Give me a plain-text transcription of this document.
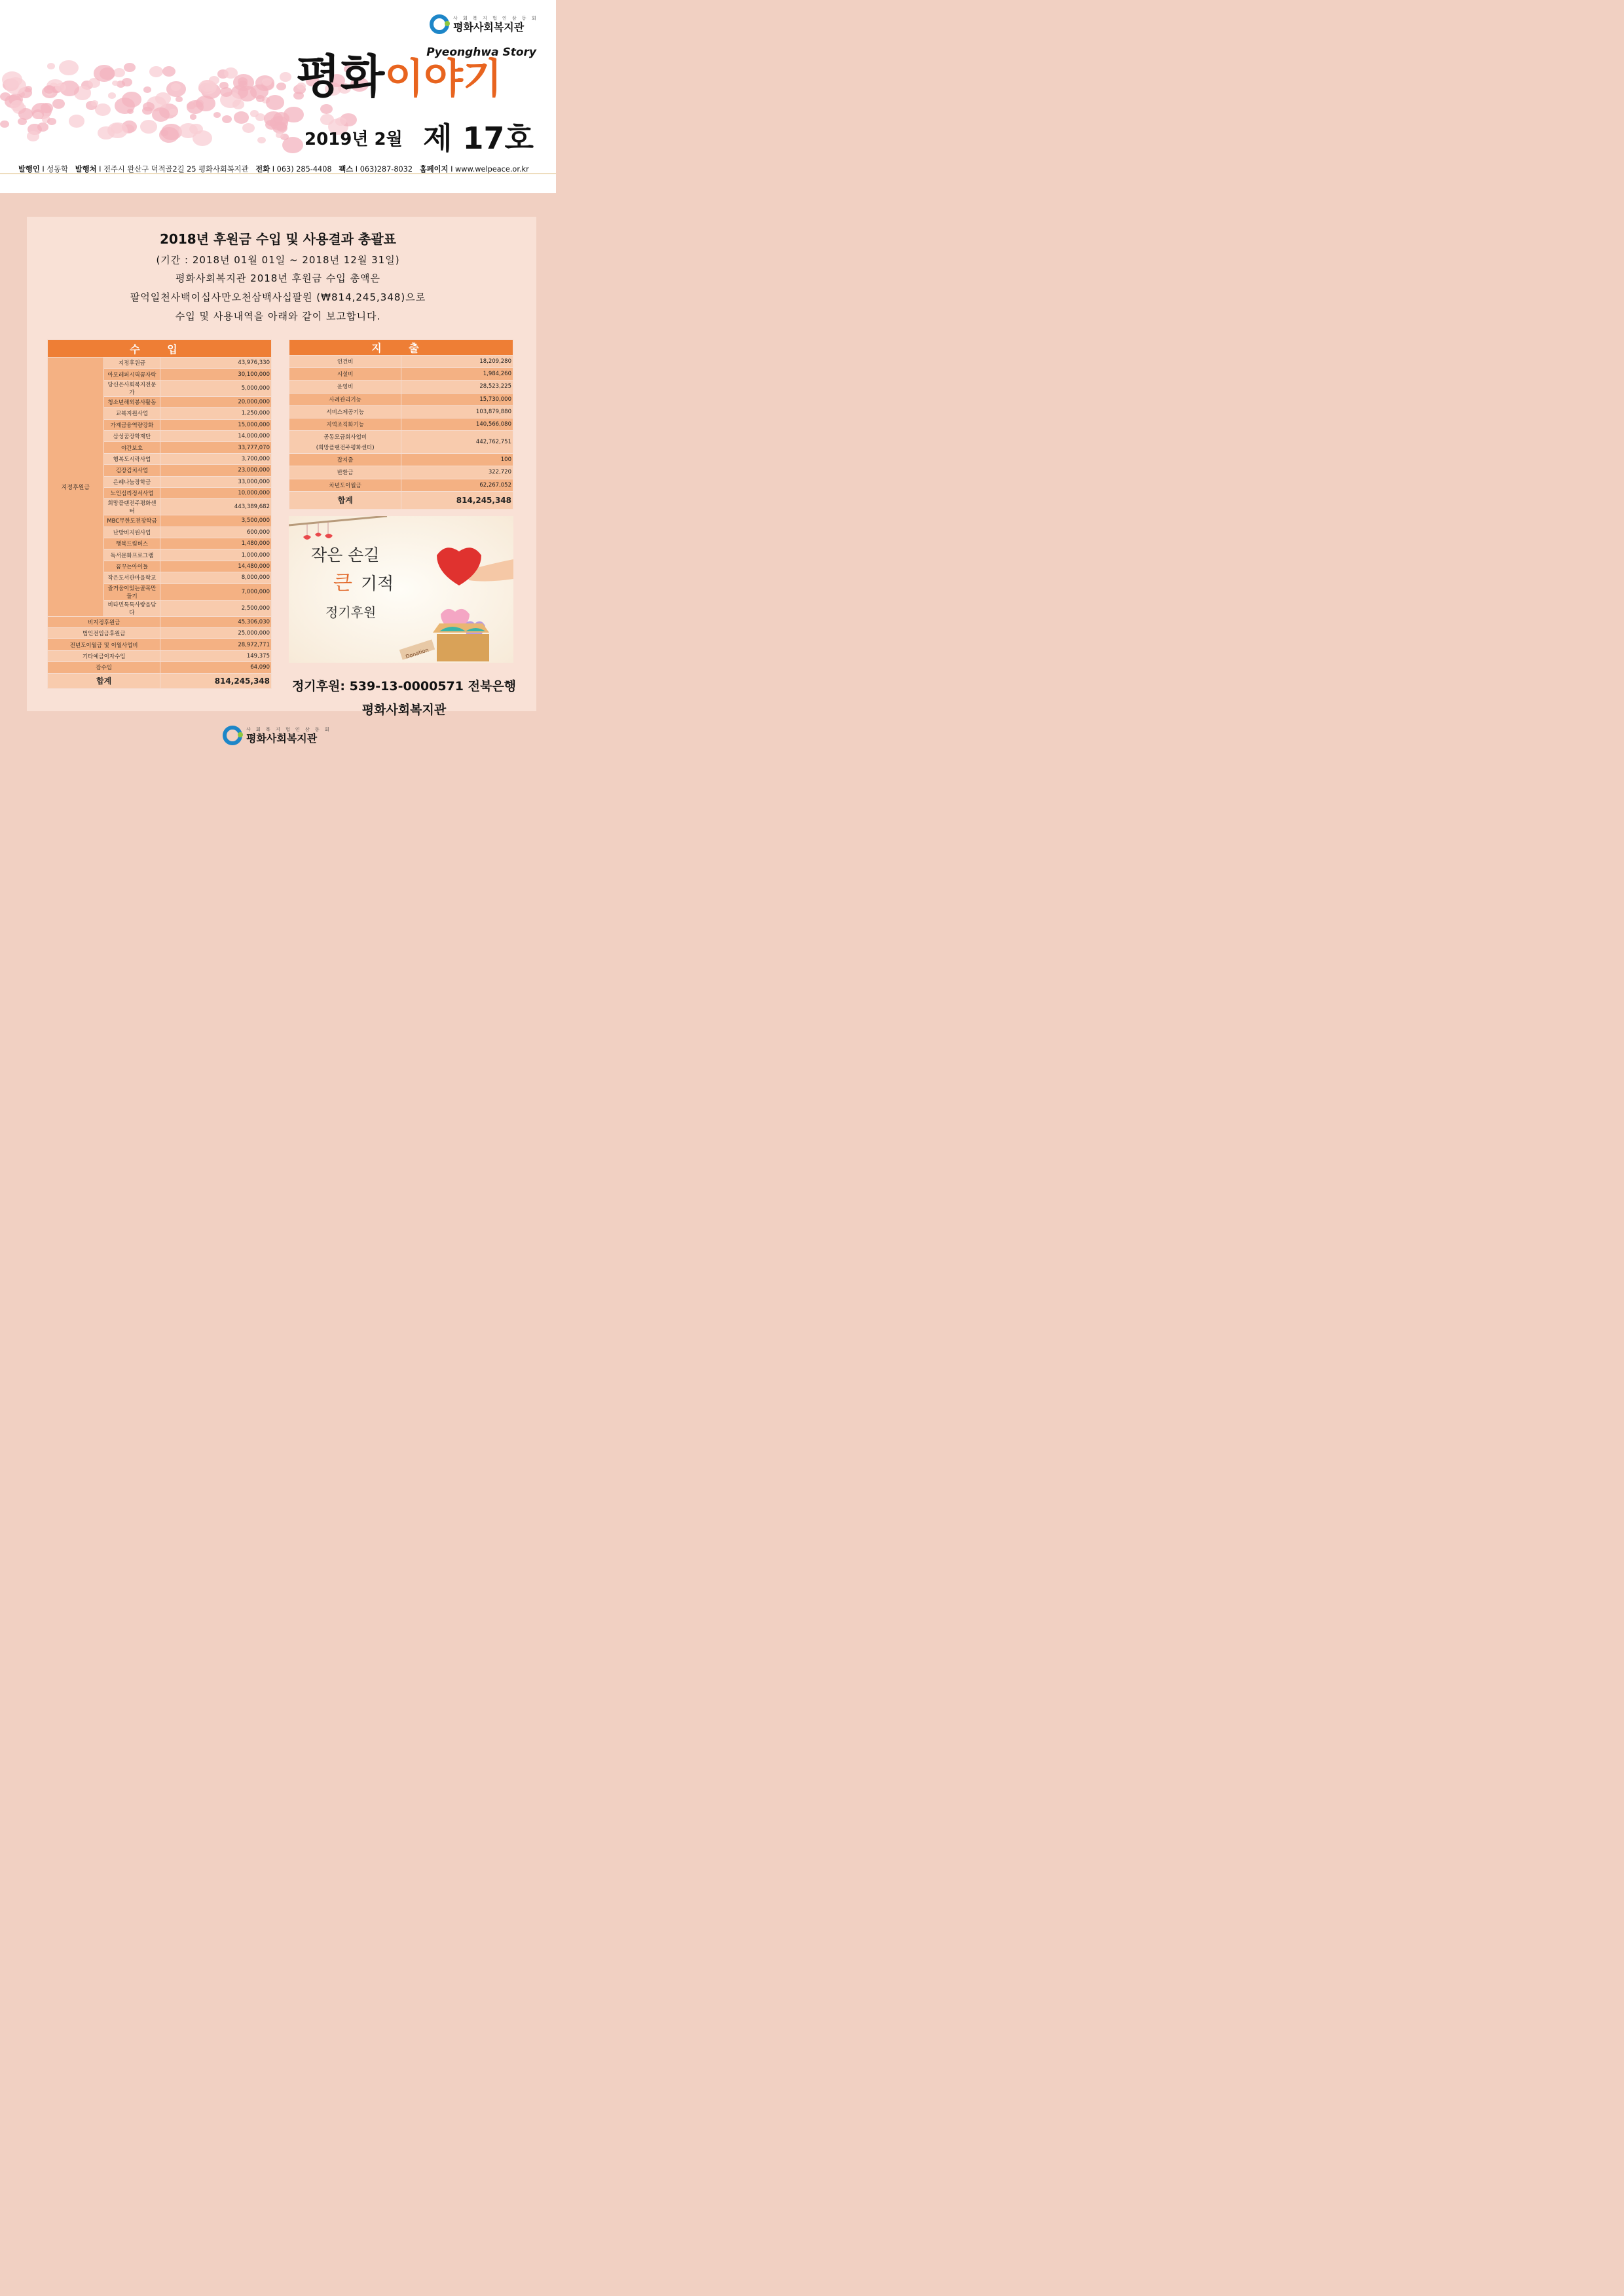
사 회 복 지 법 인 삼 동 회
평화사회복지관
Pyeonghwa Story
평화이야기
2019년 2월 제 17호
발행인 I 성동학 발행처 I 전주시 완산구 덕적골2길 25 평화사회복지관 전화 I 063) 285-4408 팩스 I 063)287-8032 홈페이지 I www.welpeace.or.kr
2018년 후원금 수입 및 사용결과 총괄표
(기간 : 2018년 01월 01일 ~ 2018년 12월 31일)
평화사회복지관 2018년 후원금 수입 총액은
팔억일천사백이십사만오천삼백사십팔원 (₩814,245,348)으로
수입 및 사용내역을 아래와 같이 보고합니다.
수 입		
지정후원금	지정후원금	43,976,330
	아모레퍼시픽꿈자락	30,100,000
	당신은사회복지전문가	5,000,000
	청소년해외봉사활동	20,000,000
	교복지원사업	1,250,000
	가계금융역량강화	15,000,000
	삼성꿈장학재단	14,000,000
	야간보호	33,777,070
	행복도시락사업	3,700,000
	김장김치사업	23,000,000
	은혜나눔장학금	33,000,000
	노인심리정서사업	10,000,000
	희망플랜전주평화센터	443,389,682
	MBC무한도전장학금	3,500,000
	난방비지원사업	600,000
	행복드림버스	1,480,000
	독서문화프로그램	1,000,000
	꿈꾸는아이들	14,480,000
	작은도서관마을학교	8,000,000
	즐거움이있는골목만들기	7,000,000
	비타민톡톡사랑을담다	2,500,000
비지정후원금		45,306,030
법인전입금후원금		25,000,000
전년도이월금 및 이월사업비		28,972,771
기타예금이자수입		149,375
잡수입		64,090
합계		814,245,348
지 출	
인건비	18,209,280
시설비	1,984,260
운영비	28,523,225
사례관리기능	15,730,000
서비스제공기능	103,879,880
지역조직화기능	140,566,080

공동모금회사업비
(희망플랜전주평화센터)	442,762,751
잡지출	100
반환금	322,720
차년도이월금	62,267,052
합계	814,245,348
작은 손길
큰 기적
정기후원
Donation
정기후원: 539-13-0000571 전북은행
평화사회복지관
사 회 복 지 법 인 삼 동 회
평화사회복지관
